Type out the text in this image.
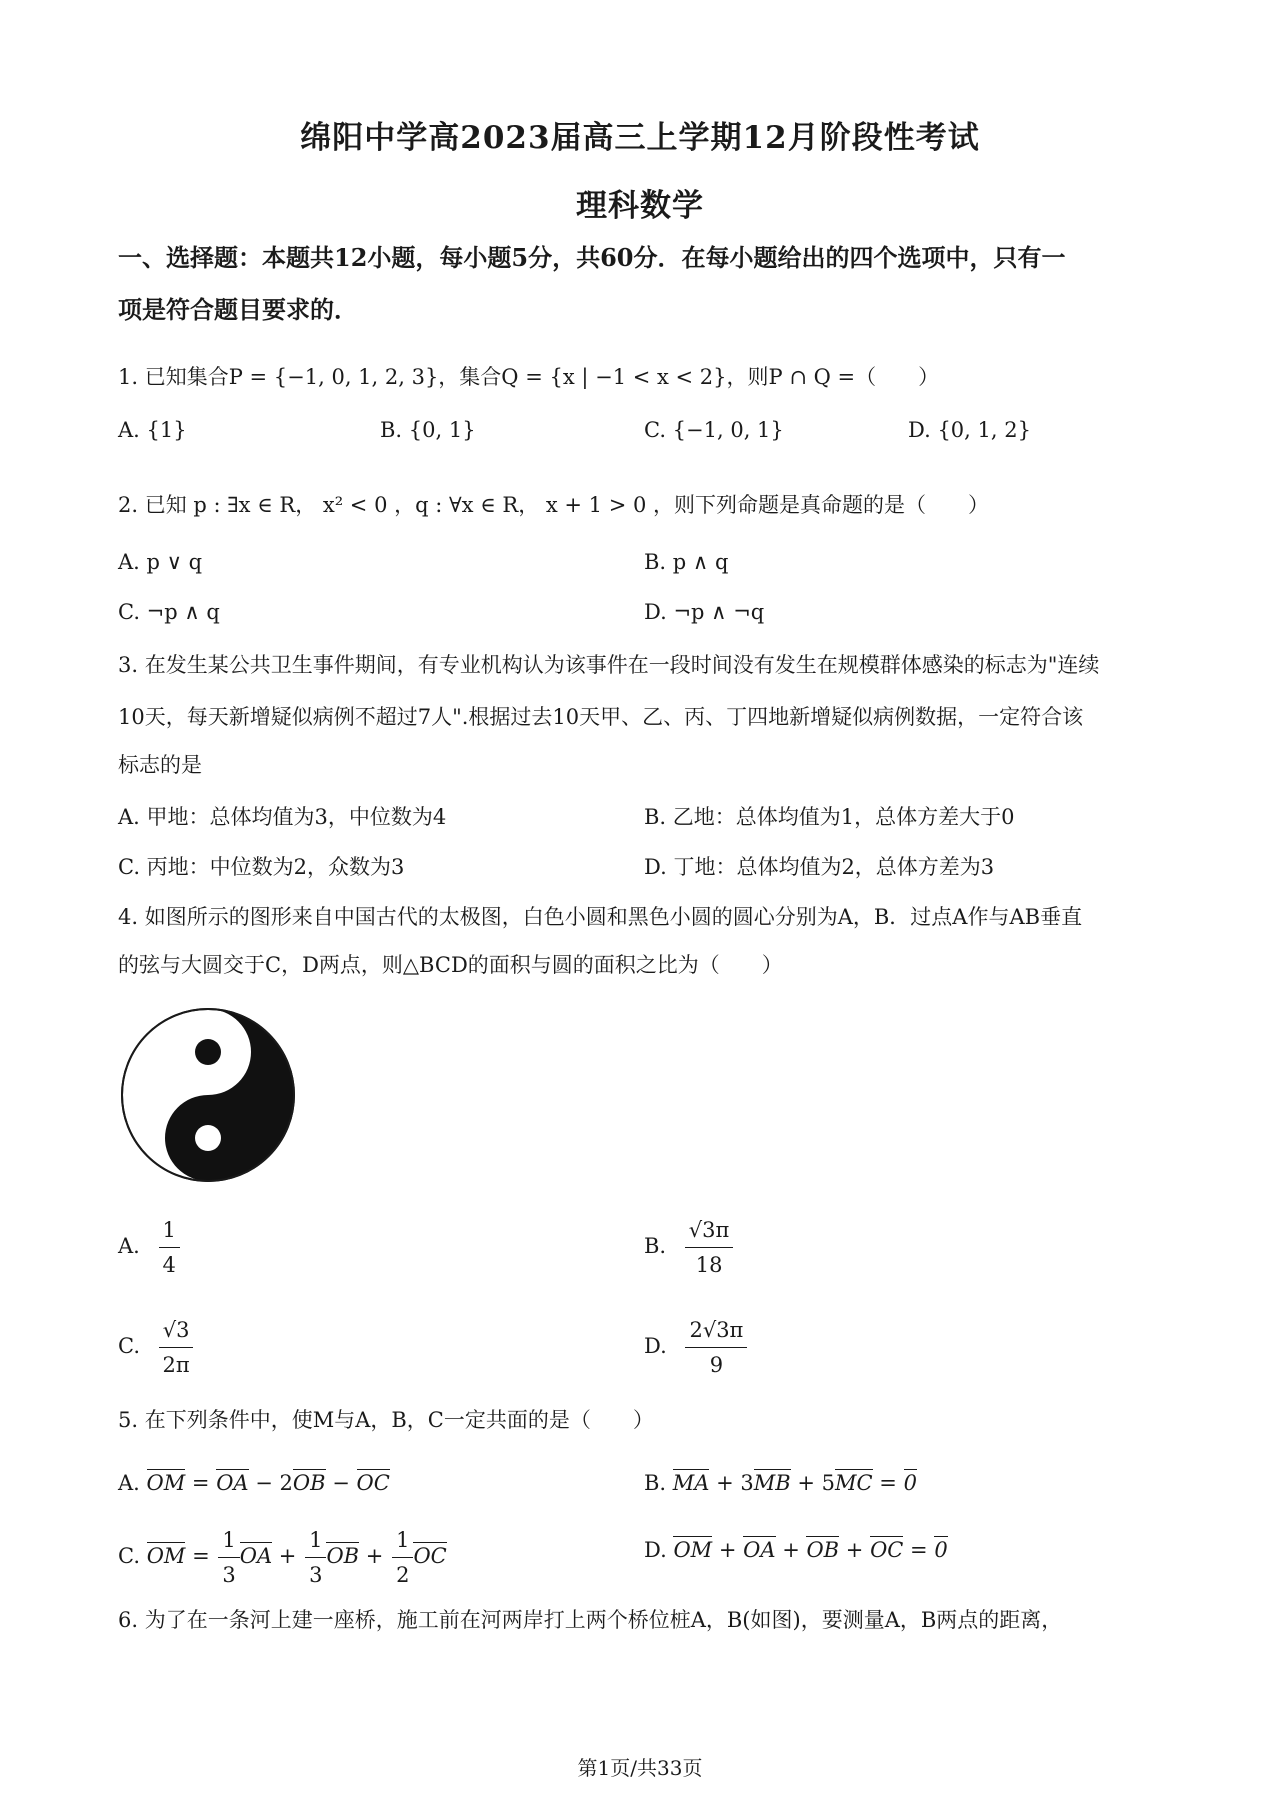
绵阳中学高2023届高三上学期12月阶段性考试
理科数学
一、选择题：本题共12小题，每小题5分，共60分．在每小题给出的四个选项中，只有一
项是符合题目要求的．
1. 已知集合P = {−1, 0, 1, 2, 3}，集合Q = {x | −1 < x < 2}，则P ∩ Q =（　　）
A. {1}	B. {0, 1}	C. {−1, 0, 1}	D. {0, 1, 2}
2. 已知 p : ∃x ∈ R， x² < 0 ，q : ∀x ∈ R， x + 1 > 0 ，则下列命题是真命题的是（　　）
A. p ∨ q	B. p ∧ q
C. ¬p ∧ q	D. ¬p ∧ ¬q
3. 在发生某公共卫生事件期间，有专业机构认为该事件在一段时间没有发生在规模群体感染的标志为"连续
10天，每天新增疑似病例不超过7人".根据过去10天甲、乙、丙、丁四地新增疑似病例数据，一定符合该
标志的是
A. 甲地：总体均值为3，中位数为4	B. 乙地：总体均值为1，总体方差大于0
C. 丙地：中位数为2，众数为3	D. 丁地：总体均值为2，总体方差为3
4. 如图所示的图形来自中国古代的太极图，白色小圆和黑色小圆的圆心分别为A，B．过点A作与AB垂直
的弦与大圆交于C，D两点，则△BCD的面积与圆的面积之比为（　　）
A. $\frac{1}{4}$	B. $\frac{√3\pi}{18}$
C. $\frac{√3}{2\pi}$	D. $\frac{2√3\pi}{9}$
5. 在下列条件中，使M与A，B，C一定共面的是（　　）
A. OM = OA − 2OB − OC	B. MA + 3MB + 5MC = 0
C. OM = $\frac{1}{3}$ OA + $\frac{1}{3}$ OB + $\frac{1}{2}$ OC	D. OM + OA + OB + OC = 0
6. 为了在一条河上建一座桥，施工前在河两岸打上两个桥位桩A，B(如图)，要测量A，B两点的距离，
第1页/共33页
